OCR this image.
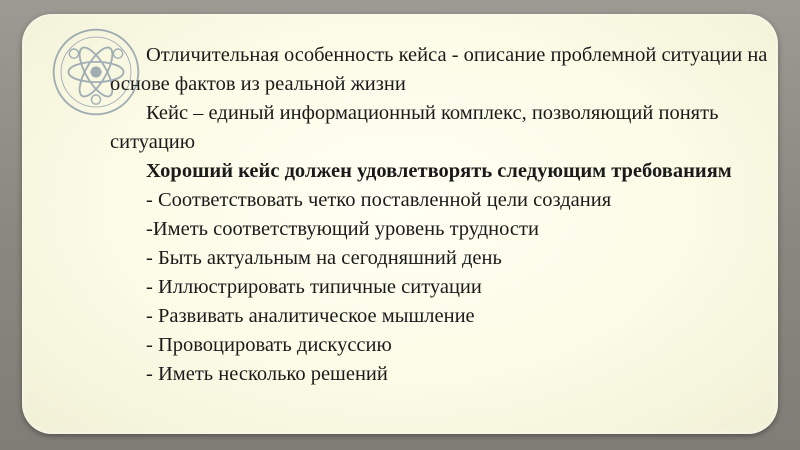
Отличительная особенность кейса - описание проблемной ситуации на основе фактов из реальной жизни

Кейс – единый информационный комплекс, позволяющий понять ситуацию

Хороший кейс должен удовлетворять следующим требованиям

- Соответствовать четко поставленной цели создания

-Иметь соответствующий уровень трудности

- Быть актуальным на сегодняшний день

- Иллюстрировать типичные ситуации

- Развивать аналитическое мышление

- Провоцировать дискуссию

- Иметь несколько решений
